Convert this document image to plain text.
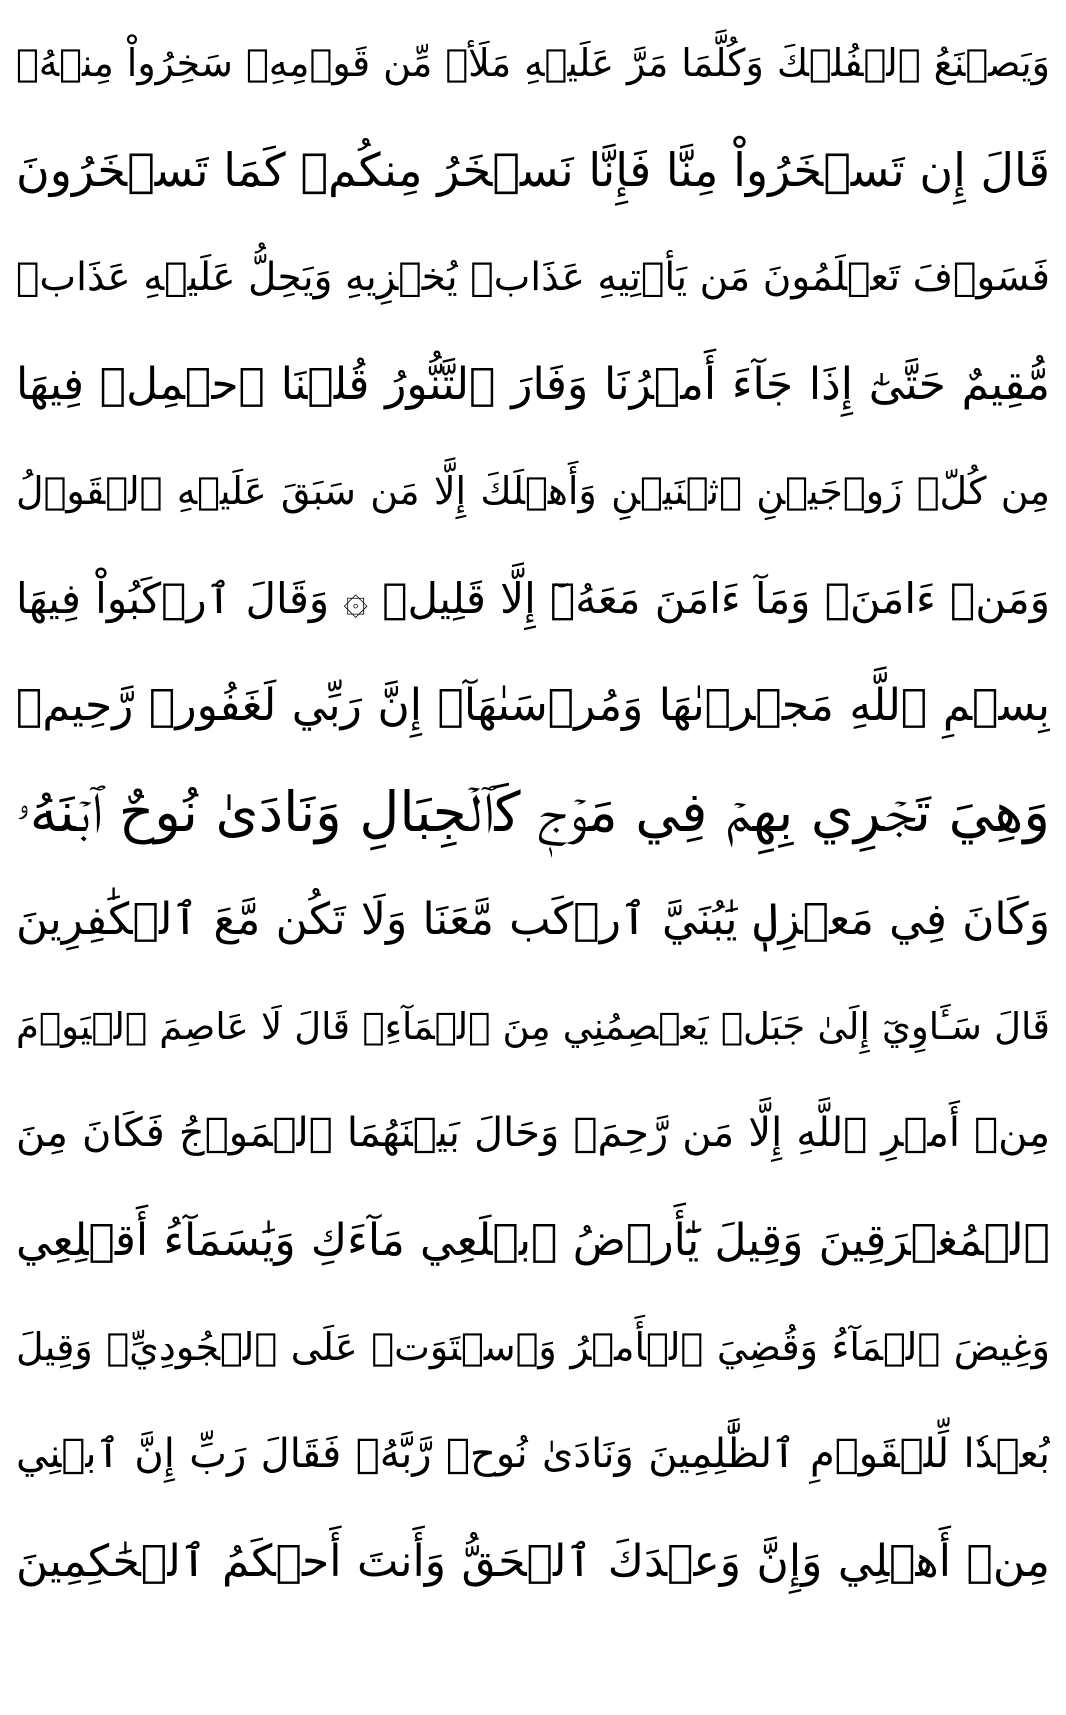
وَيَصۡنَعُ ٱلۡفُلۡكَ وَكُلَّمَا مَرَّ عَلَيۡهِ مَلَأٞ مِّن قَوۡمِهِۦ سَخِرُواْ مِنۡهُۚ
قَالَ إِن تَسۡخَرُواْ مِنَّا فَإِنَّا نَسۡخَرُ مِنكُمۡ كَمَا تَسۡخَرُونَ
فَسَوۡفَ تَعۡلَمُونَ مَن يَأۡتِيهِ عَذَابٞ يُخۡزِيهِ وَيَحِلُّ عَلَيۡهِ عَذَابٞ
مُّقِيمٌ حَتَّىٰٓ إِذَا جَآءَ أَمۡرُنَا وَفَارَ ٱلتَّنُّورُ قُلۡنَا ٱحۡمِلۡ فِيهَا
مِن كُلّٖ زَوۡجَيۡنِ ٱثۡنَيۡنِ وَأَهۡلَكَ إِلَّا مَن سَبَقَ عَلَيۡهِ ٱلۡقَوۡلُ
وَمَنۡ ءَامَنَۚ وَمَآ ءَامَنَ مَعَهُۥٓ إِلَّا قَلِيلٞ ۞ وَقَالَ ٱرۡكَبُواْ فِيهَا
بِسۡمِ ٱللَّهِ مَجۡرٜىٰهَا وَمُرۡسَىٰهَآۚ إِنَّ رَبِّي لَغَفُورٞ رَّحِيمٞ
وَهِيَ تَجۡرِي بِهِمۡ فِي مَوۡجٖ كَٱلۡجِبَالِ وَنَادَىٰ نُوحٌ ٱبۡنَهُۥ
وَكَانَ فِي مَعۡزِلٖ يَٰبُنَيَّ ٱرۡكَب مَّعَنَا وَلَا تَكُن مَّعَ ٱلۡكَٰفِرِينَ
قَالَ سَـَٔاوِيٓ إِلَىٰ جَبَلٖ يَعۡصِمُنِي مِنَ ٱلۡمَآءِۚ قَالَ لَا عَاصِمَ ٱلۡيَوۡمَ
مِنۡ أَمۡرِ ٱللَّهِ إِلَّا مَن رَّحِمَۚ وَحَالَ بَيۡنَهُمَا ٱلۡمَوۡجُ فَكَانَ مِنَ
ٱلۡمُغۡرَقِينَ وَقِيلَ يَٰٓأَرۡضُ ٱبۡلَعِي مَآءَكِ وَيَٰسَمَآءُ أَقۡلِعِي
وَغِيضَ ٱلۡمَآءُ وَقُضِيَ ٱلۡأَمۡرُ وَٱسۡتَوَتۡ عَلَى ٱلۡجُودِيِّۖ وَقِيلَ
بُعۡدٗا لِّلۡقَوۡمِ ٱلظَّٰلِمِينَ وَنَادَىٰ نُوحٞ رَّبَّهُۥ فَقَالَ رَبِّ إِنَّ ٱبۡنِي
مِنۡ أَهۡلِي وَإِنَّ وَعۡدَكَ ٱلۡحَقُّ وَأَنتَ أَحۡكَمُ ٱلۡحَٰكِمِينَ
